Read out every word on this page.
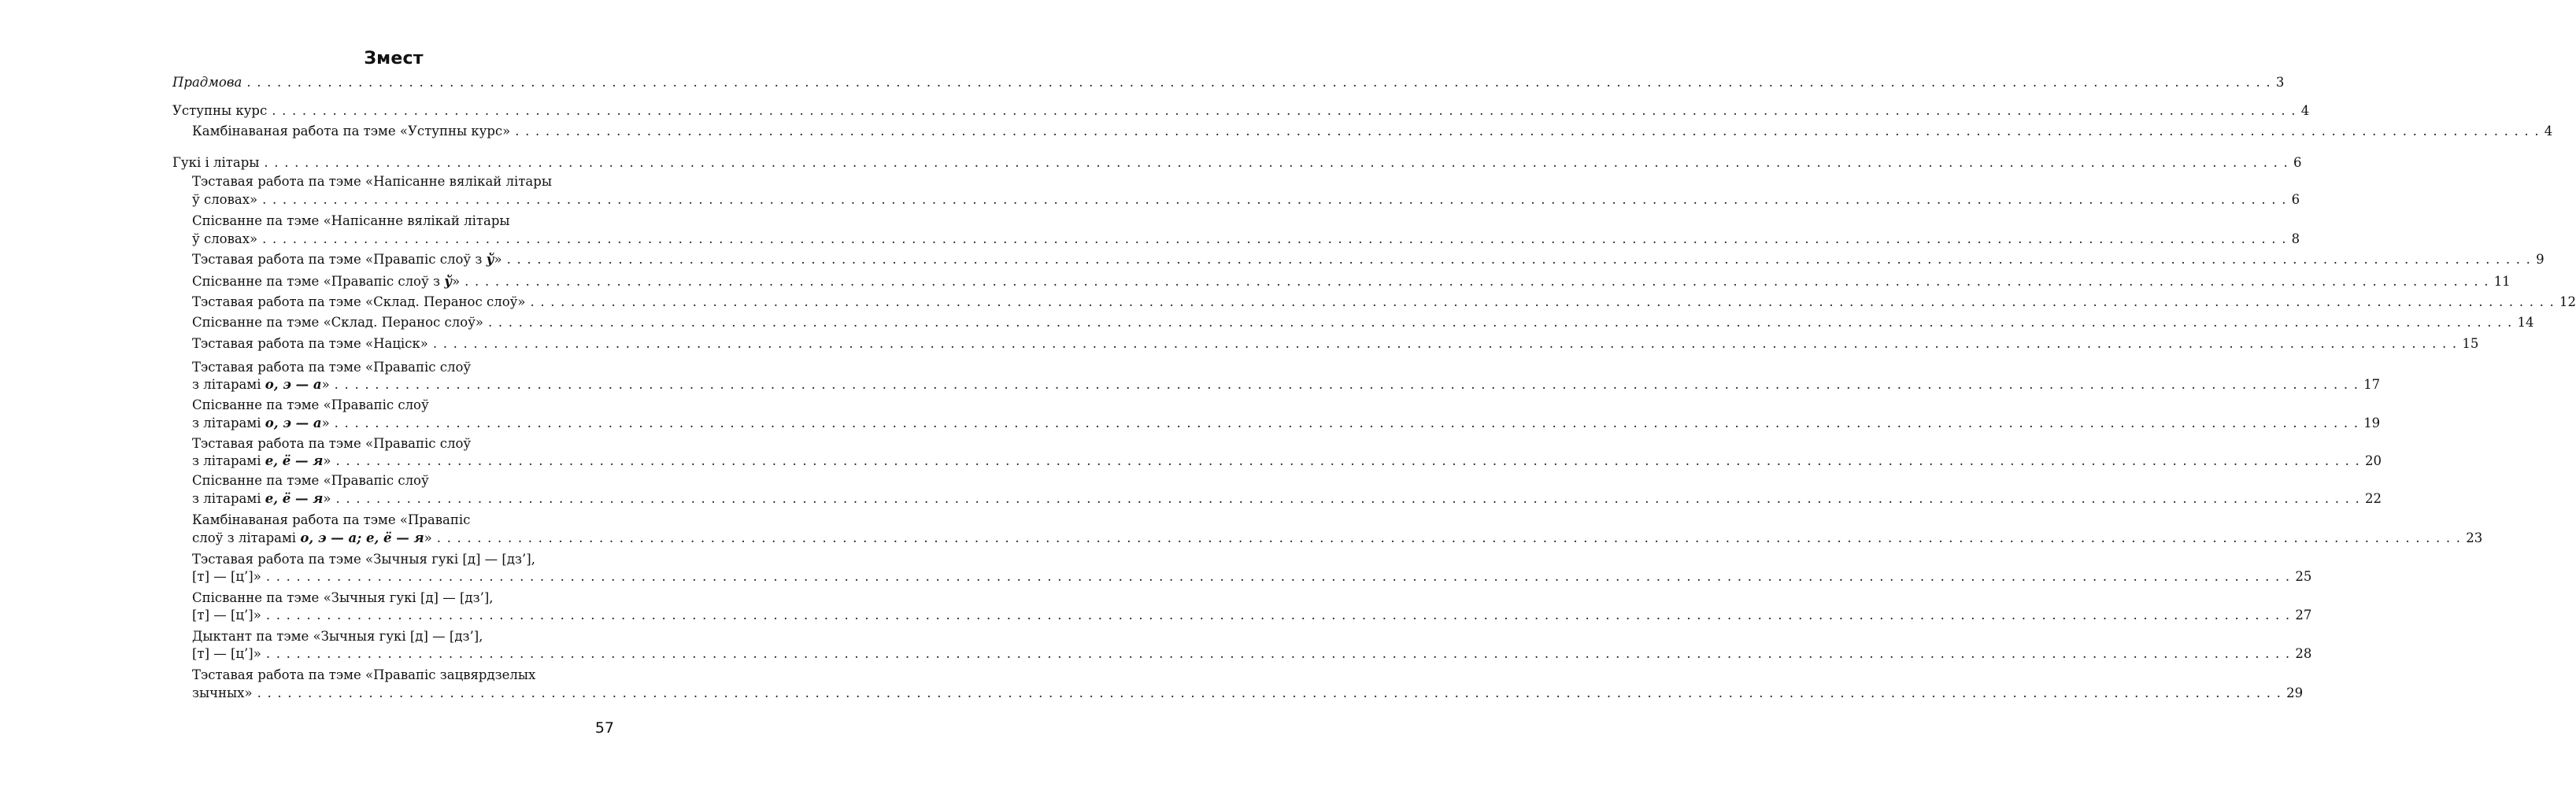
Змест
Прадмова . . . . . . . . . . . . . . . . . . . . . . . . . . . . . . . . . . . . . . . . . . . . . . . . . . . . . . . . . . . . . . . . . . . . . . . . . . . . . . . . . . . . . . . . . . . . . . . . . . . . . . . . . . . . . . . . . . . . . . . . . . . . . . . . . . . . . . . . . . . . . . . . . . . . . . . . . . . . . . . . . . . . . . . . . . . . . . . . . . . . . . . . . . . . . . . . . . . . . . . . 3
Уступны курс . . . . . . . . . . . . . . . . . . . . . . . . . . . . . . . . . . . . . . . . . . . . . . . . . . . . . . . . . . . . . . . . . . . . . . . . . . . . . . . . . . . . . . . . . . . . . . . . . . . . . . . . . . . . . . . . . . . . . . . . . . . . . . . . . . . . . . . . . . . . . . . . . . . . . . . . . . . . . . . . . . . . . . . . . . . . . . . . . . . . . . . . . . . . . . . . . . . . . . . . 4
Камбінаваная работа па тэме «Уступны курс» . . . . . . . . . . . . . . . . . . . . . . . . . . . . . . . . . . . . . . . . . . . . . . . . . . . . . . . . . . . . . . . . . . . . . . . . . . . . . . . . . . . . . . . . . . . . . . . . . . . . . . . . . . . . . . . . . . . . . . . . . . . . . . . . . . . . . . . . . . . . . . . . . . . . . . . . . . . . . . . . . . . . . . . . . . . . . . . . . . . . . . . . . . . . . . . . . . . . . . . . 4
Гукі і літары . . . . . . . . . . . . . . . . . . . . . . . . . . . . . . . . . . . . . . . . . . . . . . . . . . . . . . . . . . . . . . . . . . . . . . . . . . . . . . . . . . . . . . . . . . . . . . . . . . . . . . . . . . . . . . . . . . . . . . . . . . . . . . . . . . . . . . . . . . . . . . . . . . . . . . . . . . . . . . . . . . . . . . . . . . . . . . . . . . . . . . . . . . . . . . . . . . . . . . . . 6
Тэставая работа па тэме «Напісанне вялікай літары
ў словах» . . . . . . . . . . . . . . . . . . . . . . . . . . . . . . . . . . . . . . . . . . . . . . . . . . . . . . . . . . . . . . . . . . . . . . . . . . . . . . . . . . . . . . . . . . . . . . . . . . . . . . . . . . . . . . . . . . . . . . . . . . . . . . . . . . . . . . . . . . . . . . . . . . . . . . . . . . . . . . . . . . . . . . . . . . . . . . . . . . . . . . . . . . . . . . . . . . . . . . . . 6
Спісванне па тэме «Напісанне вялікай літары
ў словах» . . . . . . . . . . . . . . . . . . . . . . . . . . . . . . . . . . . . . . . . . . . . . . . . . . . . . . . . . . . . . . . . . . . . . . . . . . . . . . . . . . . . . . . . . . . . . . . . . . . . . . . . . . . . . . . . . . . . . . . . . . . . . . . . . . . . . . . . . . . . . . . . . . . . . . . . . . . . . . . . . . . . . . . . . . . . . . . . . . . . . . . . . . . . . . . . . . . . . . . . 8
Тэставая работа па тэме «Правапіс слоў з ў» . . . . . . . . . . . . . . . . . . . . . . . . . . . . . . . . . . . . . . . . . . . . . . . . . . . . . . . . . . . . . . . . . . . . . . . . . . . . . . . . . . . . . . . . . . . . . . . . . . . . . . . . . . . . . . . . . . . . . . . . . . . . . . . . . . . . . . . . . . . . . . . . . . . . . . . . . . . . . . . . . . . . . . . . . . . . . . . . . . . . . . . . . . . . . . . . . . . . . . . . 9
Спісванне па тэме «Правапіс слоў з ў» . . . . . . . . . . . . . . . . . . . . . . . . . . . . . . . . . . . . . . . . . . . . . . . . . . . . . . . . . . . . . . . . . . . . . . . . . . . . . . . . . . . . . . . . . . . . . . . . . . . . . . . . . . . . . . . . . . . . . . . . . . . . . . . . . . . . . . . . . . . . . . . . . . . . . . . . . . . . . . . . . . . . . . . . . . . . . . . . . . . . . . . . . . . . . . . . . . . . . . . . 11
Тэставая работа па тэме «Склад. Перанос слоў» . . . . . . . . . . . . . . . . . . . . . . . . . . . . . . . . . . . . . . . . . . . . . . . . . . . . . . . . . . . . . . . . . . . . . . . . . . . . . . . . . . . . . . . . . . . . . . . . . . . . . . . . . . . . . . . . . . . . . . . . . . . . . . . . . . . . . . . . . . . . . . . . . . . . . . . . . . . . . . . . . . . . . . . . . . . . . . . . . . . . . . . . . . . . . . . . . . . . . . . . 12
Спісванне па тэме «Склад. Перанос слоў» . . . . . . . . . . . . . . . . . . . . . . . . . . . . . . . . . . . . . . . . . . . . . . . . . . . . . . . . . . . . . . . . . . . . . . . . . . . . . . . . . . . . . . . . . . . . . . . . . . . . . . . . . . . . . . . . . . . . . . . . . . . . . . . . . . . . . . . . . . . . . . . . . . . . . . . . . . . . . . . . . . . . . . . . . . . . . . . . . . . . . . . . . . . . . . . . . . . . . . . . 14
Тэставая работа па тэме «Націск» . . . . . . . . . . . . . . . . . . . . . . . . . . . . . . . . . . . . . . . . . . . . . . . . . . . . . . . . . . . . . . . . . . . . . . . . . . . . . . . . . . . . . . . . . . . . . . . . . . . . . . . . . . . . . . . . . . . . . . . . . . . . . . . . . . . . . . . . . . . . . . . . . . . . . . . . . . . . . . . . . . . . . . . . . . . . . . . . . . . . . . . . . . . . . . . . . . . . . . . . 15
Тэставая работа па тэме «Правапіс слоў
з літарамі о, э — а» . . . . . . . . . . . . . . . . . . . . . . . . . . . . . . . . . . . . . . . . . . . . . . . . . . . . . . . . . . . . . . . . . . . . . . . . . . . . . . . . . . . . . . . . . . . . . . . . . . . . . . . . . . . . . . . . . . . . . . . . . . . . . . . . . . . . . . . . . . . . . . . . . . . . . . . . . . . . . . . . . . . . . . . . . . . . . . . . . . . . . . . . . . . . . . . . . . . . . . . . 17
Спісванне па тэме «Правапіс слоў
з літарамі о, э — а» . . . . . . . . . . . . . . . . . . . . . . . . . . . . . . . . . . . . . . . . . . . . . . . . . . . . . . . . . . . . . . . . . . . . . . . . . . . . . . . . . . . . . . . . . . . . . . . . . . . . . . . . . . . . . . . . . . . . . . . . . . . . . . . . . . . . . . . . . . . . . . . . . . . . . . . . . . . . . . . . . . . . . . . . . . . . . . . . . . . . . . . . . . . . . . . . . . . . . . . . 19
Тэставая работа па тэме «Правапіс слоў
з літарамі е, ё — я» . . . . . . . . . . . . . . . . . . . . . . . . . . . . . . . . . . . . . . . . . . . . . . . . . . . . . . . . . . . . . . . . . . . . . . . . . . . . . . . . . . . . . . . . . . . . . . . . . . . . . . . . . . . . . . . . . . . . . . . . . . . . . . . . . . . . . . . . . . . . . . . . . . . . . . . . . . . . . . . . . . . . . . . . . . . . . . . . . . . . . . . . . . . . . . . . . . . . . . . . 20
Спісванне па тэме «Правапіс слоў
з літарамі е, ё — я» . . . . . . . . . . . . . . . . . . . . . . . . . . . . . . . . . . . . . . . . . . . . . . . . . . . . . . . . . . . . . . . . . . . . . . . . . . . . . . . . . . . . . . . . . . . . . . . . . . . . . . . . . . . . . . . . . . . . . . . . . . . . . . . . . . . . . . . . . . . . . . . . . . . . . . . . . . . . . . . . . . . . . . . . . . . . . . . . . . . . . . . . . . . . . . . . . . . . . . . . 22
Камбінаваная работа па тэме «Правапіс
слоў з літарамі о, э — а; е, ё — я» . . . . . . . . . . . . . . . . . . . . . . . . . . . . . . . . . . . . . . . . . . . . . . . . . . . . . . . . . . . . . . . . . . . . . . . . . . . . . . . . . . . . . . . . . . . . . . . . . . . . . . . . . . . . . . . . . . . . . . . . . . . . . . . . . . . . . . . . . . . . . . . . . . . . . . . . . . . . . . . . . . . . . . . . . . . . . . . . . . . . . . . . . . . . . . . . . . . . . . . . 23
Тэставая работа па тэме «Зычныя гукі [д] — [дз’],
[т] — [ц’]» . . . . . . . . . . . . . . . . . . . . . . . . . . . . . . . . . . . . . . . . . . . . . . . . . . . . . . . . . . . . . . . . . . . . . . . . . . . . . . . . . . . . . . . . . . . . . . . . . . . . . . . . . . . . . . . . . . . . . . . . . . . . . . . . . . . . . . . . . . . . . . . . . . . . . . . . . . . . . . . . . . . . . . . . . . . . . . . . . . . . . . . . . . . . . . . . . . . . . . . . 25
Спісванне па тэме «Зычныя гукі [д] — [дз’],
[т] — [ц’]» . . . . . . . . . . . . . . . . . . . . . . . . . . . . . . . . . . . . . . . . . . . . . . . . . . . . . . . . . . . . . . . . . . . . . . . . . . . . . . . . . . . . . . . . . . . . . . . . . . . . . . . . . . . . . . . . . . . . . . . . . . . . . . . . . . . . . . . . . . . . . . . . . . . . . . . . . . . . . . . . . . . . . . . . . . . . . . . . . . . . . . . . . . . . . . . . . . . . . . . . 27
Дыктант па тэме «Зычныя гукі [д] — [дз’],
[т] — [ц’]» . . . . . . . . . . . . . . . . . . . . . . . . . . . . . . . . . . . . . . . . . . . . . . . . . . . . . . . . . . . . . . . . . . . . . . . . . . . . . . . . . . . . . . . . . . . . . . . . . . . . . . . . . . . . . . . . . . . . . . . . . . . . . . . . . . . . . . . . . . . . . . . . . . . . . . . . . . . . . . . . . . . . . . . . . . . . . . . . . . . . . . . . . . . . . . . . . . . . . . . . 28
Тэставая работа па тэме «Правапіс зацвярдзелых
зычных» . . . . . . . . . . . . . . . . . . . . . . . . . . . . . . . . . . . . . . . . . . . . . . . . . . . . . . . . . . . . . . . . . . . . . . . . . . . . . . . . . . . . . . . . . . . . . . . . . . . . . . . . . . . . . . . . . . . . . . . . . . . . . . . . . . . . . . . . . . . . . . . . . . . . . . . . . . . . . . . . . . . . . . . . . . . . . . . . . . . . . . . . . . . . . . . . . . . . . . . . 29
57
